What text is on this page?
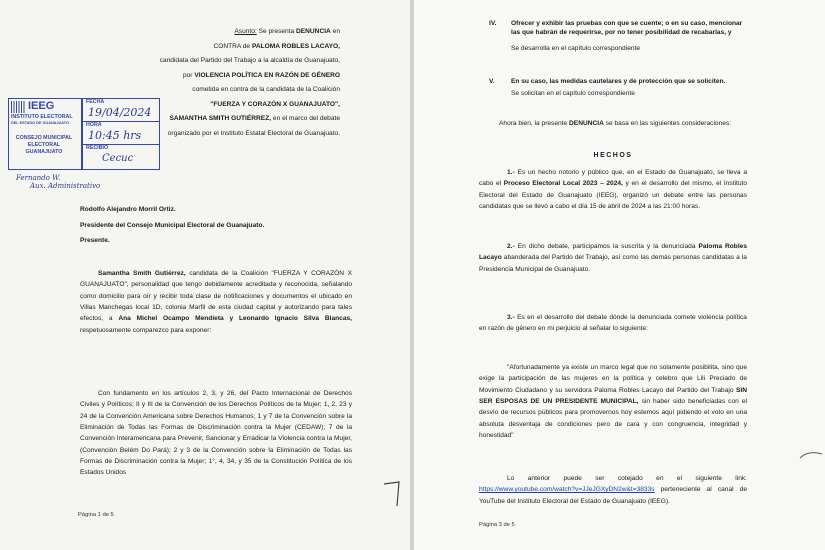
Asunto: Se presenta DENUNCIA en
CONTRA de PALOMA ROBLES LACAYO,
candidata del Partido del Trabajo a la alcaldía de Guanajuato,
por VIOLENCIA POLÍTICA EN RAZÓN DE GÉNERO
cometida en contra de la candidata de la Coalición
"FUERZA Y CORAZÓN X GUANAJUATO",
SAMANTHA SMITH GUTIÉRREZ, en el marco del debate
organizado por el Instituto Estatal Electoral de Guanajuato.
IEEG
INSTITUTO ELECTORAL
DEL ESTADO DE GUANAJUATO
CONSEJO MUNICIPAL
ELECTORAL
GUANAJUATO
FECHA
19/04/2024
HORA
10:45 hrs
RECIBIÓ
Cecuc
Fernando W.
Aux. Administrativo
Rodolfo Alejandro Morril Ortiz.
Presidente del Consejo Municipal Electoral de Guanajuato.
Presente.
Samantha Smith Gutiérrez, candidata de la Coalición "FUERZA Y CORAZÓN X GUANAJUATO", personalidad que tengo debidamente acreditada y reconocida, señalando como domicilio para oír y recibir toda clase de notificaciones y documentos el ubicado en Villas Manchegas local 1D, colonia Marfil de esta ciudad capital y autorizando para tales efectos, a Ana Michel Ocampo Mendieta y Leonardo Ignacio Silva Blancas, respetuosamente comparezco para exponer:
Con fundamento en los artículos 2, 3, y 26, del Pacto Internacional de Derechos Civiles y Políticos; II y III de la Convención de los Derechos Políticos de la Mujer; 1, 2, 23 y 24 de la Convención Americana sobre Derechos Humanos; 1 y 7 de la Convención sobre la Eliminación de Todas las Formas de Discriminación contra la Mujer (CEDAW); 7 de la Convención Interamericana para Prevenir, Sancionar y Erradicar la Violencia contra la Mujer, (Convención Belém Do Pará); 2 y 3 de la Convención sobre la Eliminación de Todas las Formas de Discriminación contra la Mujer; 1°, 4, 34, y 35 de la Constitución Política de los Estados Unidos
Página 1 de 5
IV.	Ofrecer y exhibir las pruebas con que se cuente; o en su caso, mencionar las que habrán de requerirse, por no tener posibilidad de recabarlas, y
Se desarrolla en el capítulo correspondiente
V. En su caso, las medidas cautelares y de protección que se soliciten.
Se solicitan en el capítulo correspondiente
Ahora bien, la presente DENUNCIA se basa en las siguientes consideraciones:
HECHOS
1.- Es un hecho notorio y público que, en el Estado de Guanajuato, se lleva a cabo el Proceso Electoral Local 2023 – 2024, y en el desarrollo del mismo, el Instituto Electoral del Estado de Guanajuato (IEEG), organizó un debate entre las personas candidatas que se llevó a cabo el día 15 de abril de 2024 a las 21:00 horas.
2.- En dicho debate, participamos la suscrita y la denunciada Paloma Robles Lacayo abanderada del Partido del Trabajo, así como las demás personas candidatas a la Presidencia Municipal de Guanajuato.
3.- Es en el desarrollo del debate dónde la denunciada comete violencia política en razón de género en mi perjuicio al señalar lo siguiente:
"Afortunadamente ya existe un marco legal que no solamente posibilita, sino que exige la participación de las mujeres en la política y celebro que Lili Preciado de Movimiento Ciudadano y su servidora Paloma Robles Lacayo del Partido del Trabajo SIN SER ESPOSAS DE UN PRESIDENTE MUNICIPAL, sin haber sido beneficiadas con el desvío de recursos públicos para promovernos hoy estemos aquí pidiendo el voto en una absoluta desventaja de condiciones pero de cara y con congruencia, integridad y honestidad"
Lo anterior puede ser cotejado en el siguiente link: https://www.youtube.com/watch?v=JJeJGXyDN2w&t=3833s perteneciente al canal de YouTube del Instituto Electoral del Estado de Guanajuato (IEEG).
Página 3 de 5
